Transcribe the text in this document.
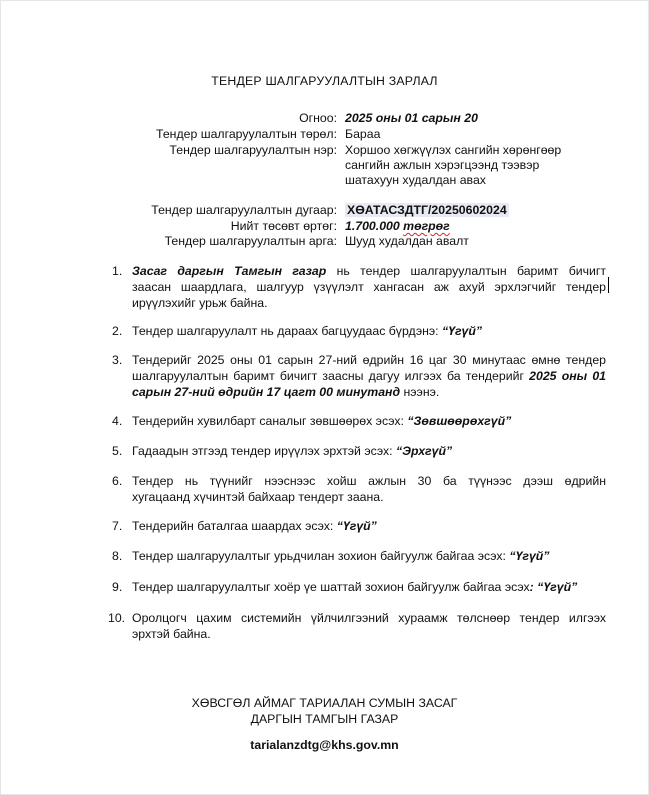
ТЕНДЕР ШАЛГАРУУЛАЛТЫН ЗАРЛАЛ
Огноо: 2025 оны 01 сарын 20
Тендер шалгаруулалтын төрөл: Бараа
Тендер шалгаруулалтын нэр: Хоршоо хөгжүүлэх сангийн хөрөнгөөр
сангийн ажлын хэрэгцээнд тээвэр
шатахуун худалдан авах
Тендер шалгаруулалтын дугаар: ХӨАТАСЗДТГ/20250602024
Нийт төсөвт өртөг: 1.700.000 төгрөг
Тендер шалгаруулалтын арга: Шууд худалдан авалт
1. Засаг даргын Тамгын газар нь тендер шалгаруулалтын баримт бичигт
заасан шаардлага, шалгуур үзүүлэлт хангасан аж ахуй эрхлэгчийг тендер
ирүүлэхийг урьж байна.
2. Тендер шалгаруулалт нь дараах багцуудаас бүрдэнэ: “Үгүй”
3. Тендерийг 2025 оны 01 сарын 27-ний өдрийн 16 цаг 30 минутаас өмнө тендер
шалгаруулалтын баримт бичигт заасны дагуу илгээх ба тендерийг 2025 оны 01
сарын 27-ний өдрийн 17 цагт 00 минутанд нээнэ.
4. Тендерийн хувилбарт саналыг зөвшөөрөх эсэх: “Зөвшөөрөхгүй”
5. Гадаадын этгээд тендер ирүүлэх эрхтэй эсэх: “Эрхгүй”
6. Тендер нь түүнийг нээснээс хойш ажлын 30 ба түүнээс дээш өдрийн
хугацаанд хүчинтэй байхаар тендерт заана.
7. Тендерийн баталгаа шаардах эсэх: “Үгүй”
8. Тендер шалгаруулалтыг урьдчилан зохион байгуулж байгаа эсэх: “Үгүй”
9. Тендер шалгаруулалтыг хоёр үе шаттай зохион байгуулж байгаа эсэх: “Үгүй”
10. Оролцогч цахим системийн үйлчилгээний хураамж төлснөөр тендер илгээх
эрхтэй байна.
ХӨВСГӨЛ АЙМАГ ТАРИАЛАН СУМЫН ЗАСАГ
ДАРГЫН ТАМГЫН ГАЗАР
tarialanzdtg@khs.gov.mn
